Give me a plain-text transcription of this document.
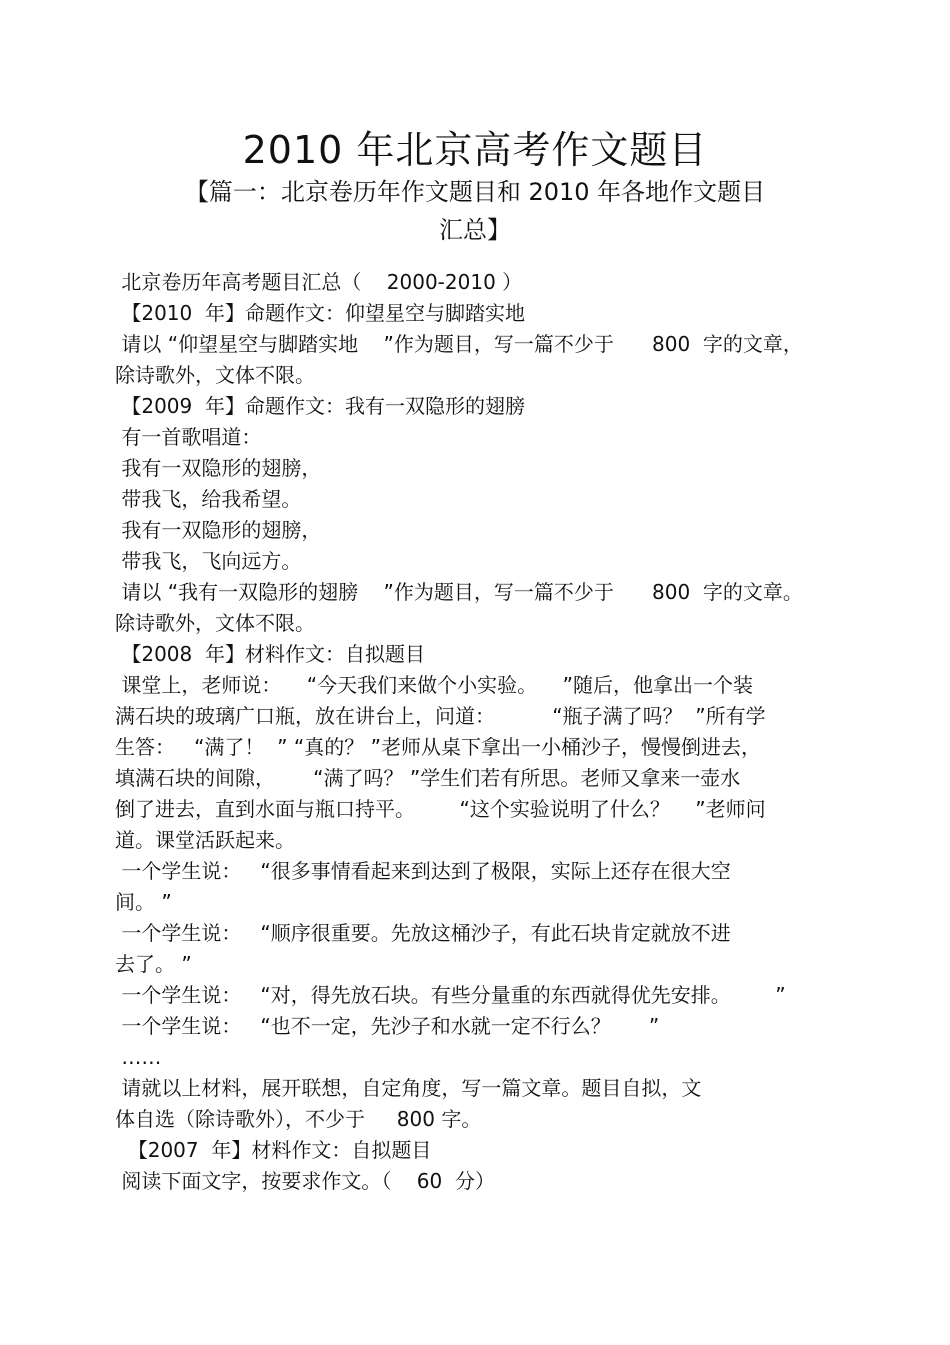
2010 年北京高考作文题目
【篇一：北京卷历年作文题目和 2010 年各地作文题目
汇总】
北京卷历年高考题目汇总（    2000-2010 ）
【2010  年】命题作文：仰望星空与脚踏实地
请以 “仰望星空与脚踏实地    ”作为题目，写一篇不少于      800  字的文章，
除诗歌外，文体不限。
【2009  年】命题作文：我有一双隐形的翅膀
有一首歌唱道：
我有一双隐形的翅膀，
带我飞，给我希望。
我有一双隐形的翅膀，
带我飞，飞向远方。
请以 “我有一双隐形的翅膀    ”作为题目，写一篇不少于      800  字的文章。
除诗歌外，文体不限。
【2008  年】材料作文：自拟题目
课堂上，老师说：    “今天我们来做个小实验。    ”随后，他拿出一个装
满石块的玻璃广口瓶，放在讲台上，问道：         “瓶子满了吗？  ”所有学
生答：   “满了！  ” “真的？ ”老师从桌下拿出一小桶沙子，慢慢倒进去，
填满石块的间隙，      “满了吗？ ”学生们若有所思。老师又拿来一壶水
倒了进去，直到水面与瓶口持平。       “这个实验说明了什么？    ”老师问
道。课堂活跃起来。
一个学生说：   “很多事情看起来到达到了极限，实际上还存在很大空
间。 ”
一个学生说：   “顺序很重要。先放这桶沙子，有此石块肯定就放不进
去了。 ”
一个学生说：   “对，得先放石块。有些分量重的东西就得优先安排。       ”
一个学生说：   “也不一定，先沙子和水就一定不行么？      ”
……
请就以上材料，展开联想，自定角度，写一篇文章。题目自拟，文
体自选（除诗歌外），不少于     800 字。
【2007  年】材料作文：自拟题目
阅读下面文字，按要求作文。（    60  分）
